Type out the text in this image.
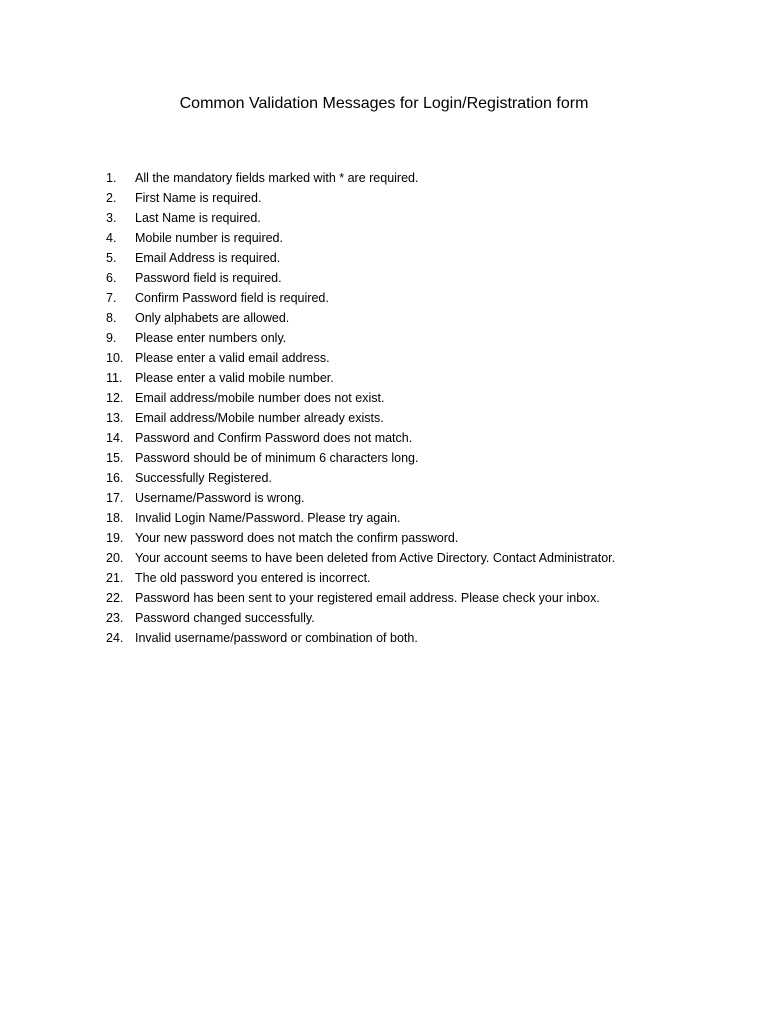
Common Validation Messages for Login/Registration form
1.	All the mandatory fields marked with * are required.
2.	First Name is required.
3.	Last Name is required.
4.	Mobile number is required.
5.	Email Address is required.
6.	Password field is required.
7.	Confirm Password field is required.
8.	Only alphabets are allowed.
9.	Please enter numbers only.
10. Please enter a valid email address.
11.	Please enter a valid mobile number.
12. Email address/mobile number does not exist.
13. Email address/Mobile number already exists.
14. Password and Confirm Password does not match.
15. Password should be of minimum 6 characters long.
16. Successfully Registered.
17. Username/Password is wrong.
18. Invalid Login Name/Password. Please try again.
19. Your new password does not match the confirm password.
20. Your account seems to have been deleted from Active Directory. Contact Administrator.
21. The old password you entered is incorrect.
22. Password has been sent to your registered email address. Please check your inbox.
23. Password changed successfully.
24. Invalid username/password or combination of both.
